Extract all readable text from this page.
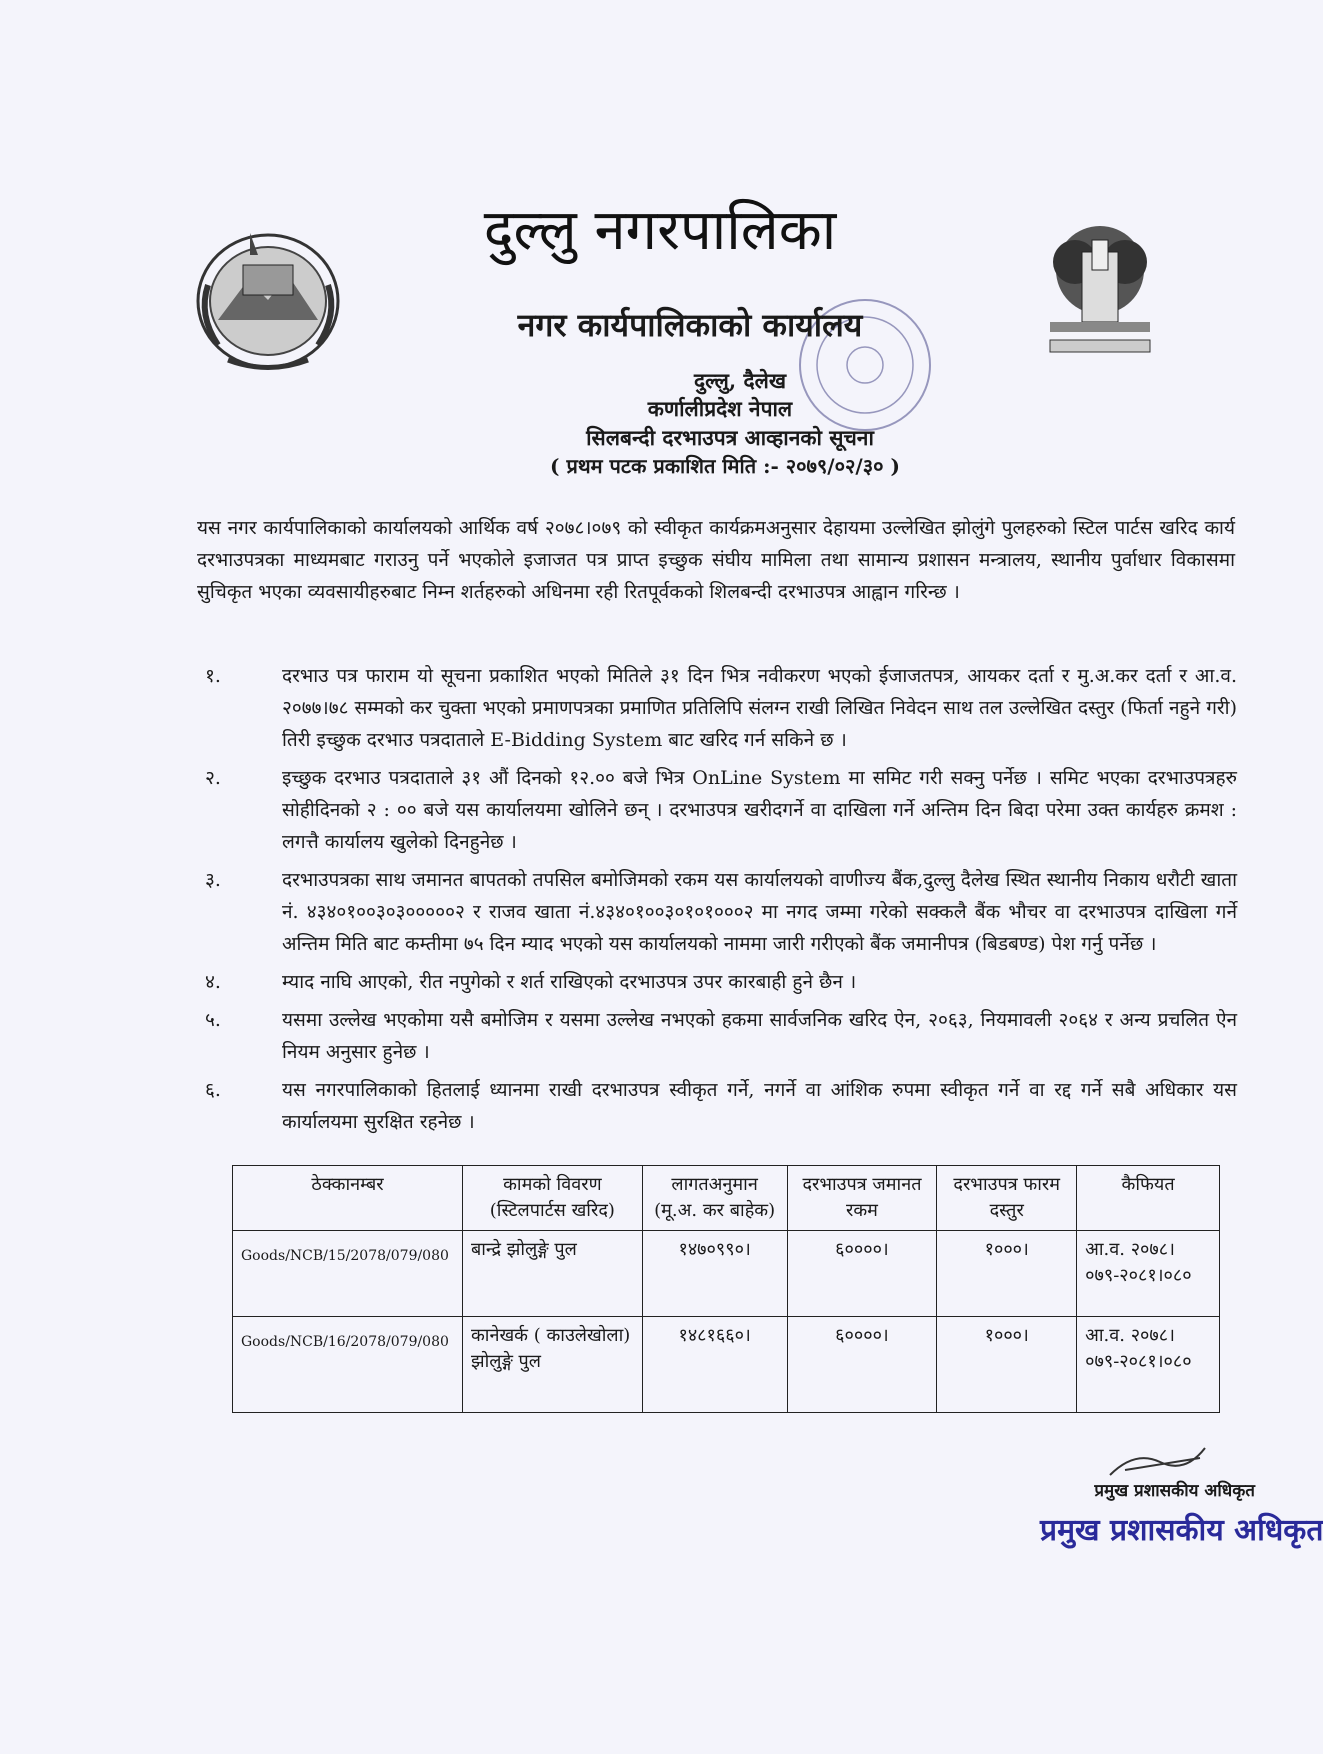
दुल्लु नगरपालिका
नगर कार्यपालिकाको कार्यालय
दुल्लु, दैलेख
कर्णालीप्रदेश नेपाल
सिलबन्दी दरभाउपत्र आव्हानको सूचना
( प्रथम पटक प्रकाशित मिति :- २०७९/०२/३० )

यस नगर कार्यपालिकाको कार्यालयको आर्थिक वर्ष २०७८।०७९ को स्वीकृत कार्यक्रमअनुसार देहायमा उल्लेखित झोलुंगे पुलहरुको स्टिल पार्टस खरिद कार्य दरभाउपत्रका माध्यमबाट गराउनु पर्ने भएकोले इजाजत पत्र प्राप्त इच्छुक संघीय मामिला तथा सामान्य प्रशासन मन्त्रालय, स्थानीय पुर्वाधार विकासमा सुचिकृत भएका व्यवसायीहरुबाट निम्न शर्तहरुको अधिनमा रही रितपूर्वकको शिलबन्दी दरभाउपत्र आह्वान गरिन्छ ।

१.	दरभाउ पत्र फाराम यो सूचना प्रकाशित भएको मितिले ३१ दिन भित्र नवीकरण भएको ईजाजतपत्र, आयकर दर्ता र मु.अ.कर दर्ता र आ.व. २०७७।७८ सम्मको कर चुक्ता भएको प्रमाणपत्रका प्रमाणित प्रतिलिपि संलग्न राखी लिखित निवेदन साथ तल उल्लेखित दस्तुर (फिर्ता नहुने गरी) तिरी इच्छुक दरभाउ पत्रदाताले E-Bidding System बाट खरिद गर्न सकिने छ ।
२.	इच्छुक दरभाउ पत्रदाताले ३१ औं दिनको १२.०० बजे भित्र OnLine System मा समिट गरी सक्नु पर्नेछ । समिट भएका दरभाउपत्रहरु सोहीदिनको २ : ०० बजे यस कार्यालयमा खोलिने छन् । दरभाउपत्र खरीदगर्ने वा दाखिला गर्ने अन्तिम दिन बिदा परेमा उक्त कार्यहरु क्रमश : लगत्तै कार्यालय खुलेको दिनहुनेछ ।
३.	दरभाउपत्रका साथ जमानत बापतको तपसिल बमोजिमको रकम यस कार्यालयको वाणीज्य बैंक,दुल्लु दैलेख स्थित स्थानीय निकाय धरौटी खाता नं. ४३४०१००३०३०००००२ र राजव खाता नं.४३४०१००३०१०१०००२ मा नगद जम्मा गरेको सक्कलै बैंक भौचर वा दरभाउपत्र दाखिला गर्ने अन्तिम मिति बाट कम्तीमा ७५ दिन म्याद भएको यस कार्यालयको नाममा जारी गरीएको बैंक जमानीपत्र (बिडबण्ड) पेश गर्नु पर्नेछ ।
४.	म्याद नाघि आएको, रीत नपुगेको र शर्त राखिएको दरभाउपत्र उपर कारबाही हुने छैन ।
५.	यसमा उल्लेख भएकोमा यसै बमोजिम र यसमा उल्लेख नभएको हकमा सार्वजनिक खरिद ऐन, २०६३, नियमावली २०६४ र अन्य प्रचलित ऐन नियम अनुसार हुनेछ ।
६.	यस नगरपालिकाको हितलाई ध्यानमा राखी दरभाउपत्र स्वीकृत गर्ने, नगर्ने वा आंशिक रुपमा स्वीकृत गर्ने वा रद्द गर्ने सबै अधिकार यस कार्यालयमा सुरक्षित रहनेछ ।
ठेक्कानम्बर	कामको विवरण (स्टिलपार्टस खरिद)	लागतअनुमान (मू.अ. कर बाहेक)	दरभाउपत्र जमानत रकम	दरभाउपत्र फारम दस्तुर	कैफियत
Goods/NCB/15/2078/079/080	बान्द्रे झोलुङ्गे पुल	१४७०९९०।	६००००।	१०००।	आ.व. २०७८।०७९-२०८१।०८०
Goods/NCB/16/2078/079/080	कानेखर्क ( काउलेखोला) झोलुङ्गे पुल	१४८१६६०।	६००००।	१०००।	आ.व. २०७८।०७९-२०८१।०८०
प्रमुख प्रशासकीय अधिकृत
प्रमुख प्रशासकीय अधिकृत
